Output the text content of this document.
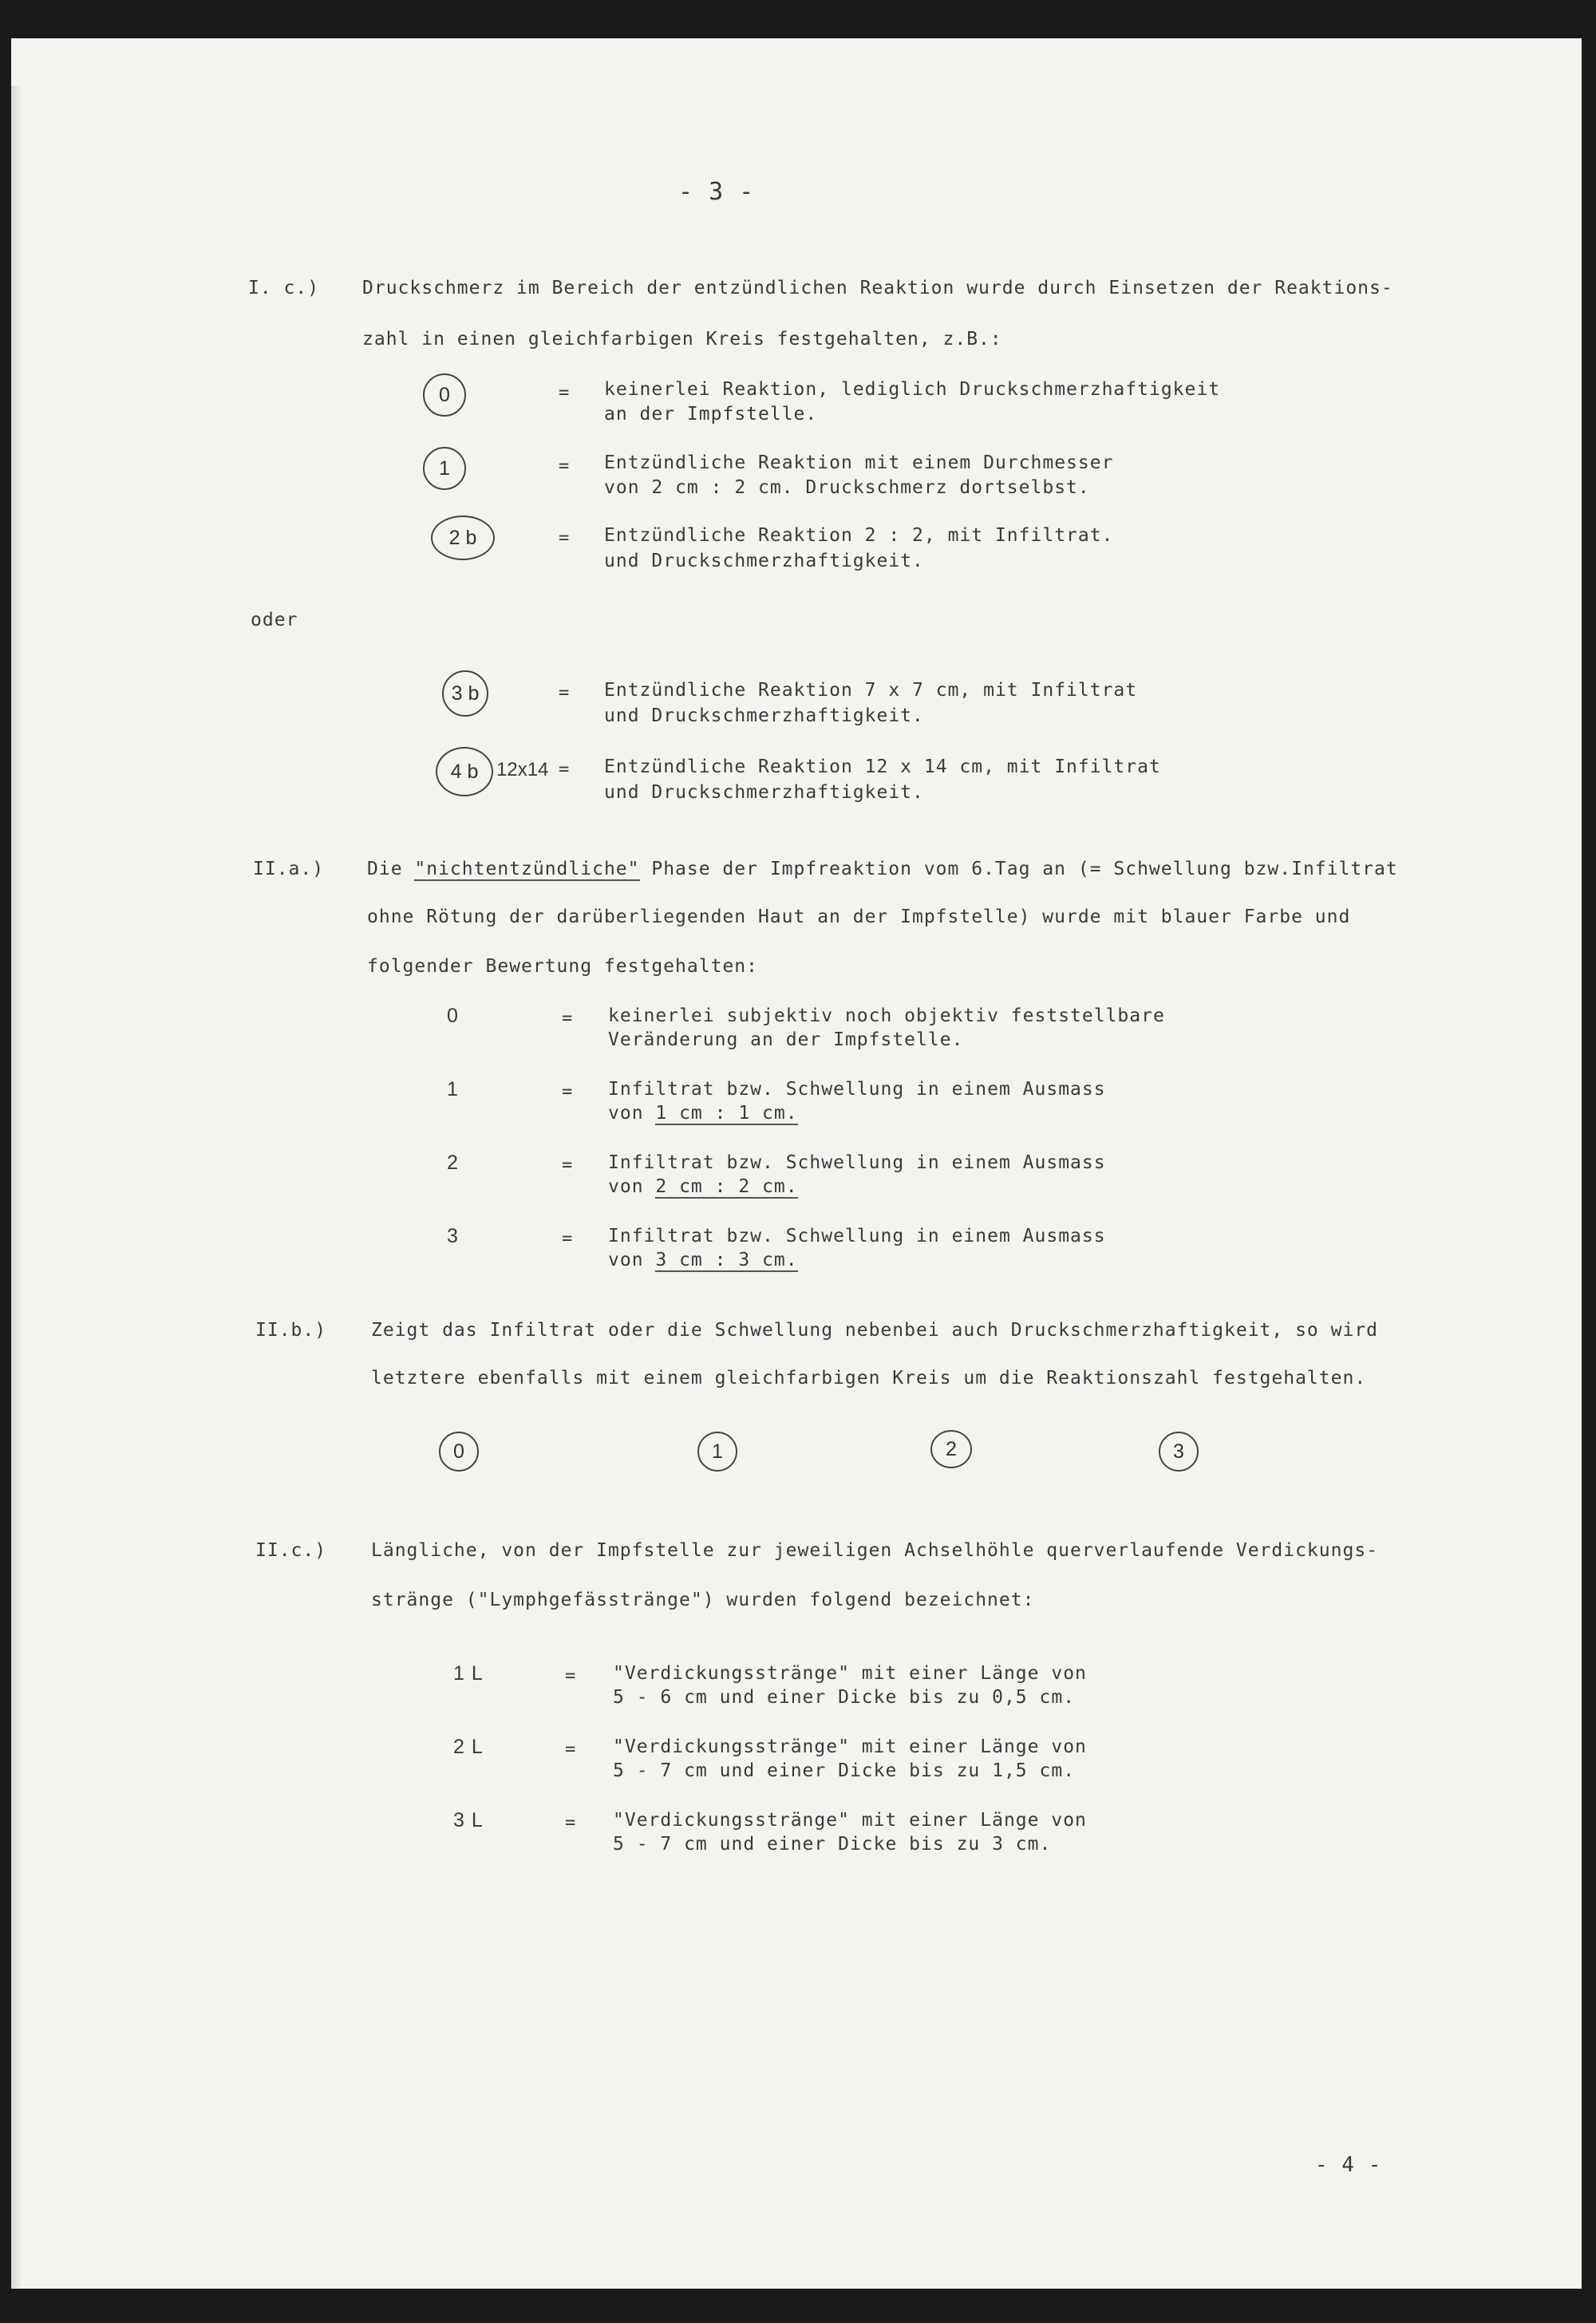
- 3 -
I. c.) Druckschmerz im Bereich der entzündlichen Reaktion wurde durch Einsetzen der Reaktions-
zahl in einen gleichfarbigen Kreis festgehalten, z.B.:
0	= keinerlei Reaktion, lediglich Druckschmerzhaftigkeit
an der Impfstelle.
1	= Entzündliche Reaktion mit einem Durchmesser
von 2 cm : 2 cm. Druckschmerz dortselbst.
2 b	= Entzündliche Reaktion 2 : 2, mit Infiltrat.
und Druckschmerzhaftigkeit.
oder
3 b	= Entzündliche Reaktion 7 x 7 cm, mit Infiltrat
und Druckschmerzhaftigkeit.
4 b 12x14 = Entzündliche Reaktion 12 x 14 cm, mit Infiltrat
und Druckschmerzhaftigkeit.
II.a.) Die "nichtentzündliche" Phase der Impfreaktion vom 6.Tag an (= Schwellung bzw.Infiltrat
ohne Rötung der darüberliegenden Haut an der Impfstelle) wurde mit blauer Farbe und
folgender Bewertung festgehalten:
0	= keinerlei subjektiv noch objektiv feststellbare
Veränderung an der Impfstelle.
1	= Infiltrat bzw. Schwellung in einem Ausmass
von 1 cm : 1 cm.
2	= Infiltrat bzw. Schwellung in einem Ausmass
von 2 cm : 2 cm.
3	= Infiltrat bzw. Schwellung in einem Ausmass
von 3 cm : 3 cm.
II.b.) Zeigt das Infiltrat oder die Schwellung nebenbei auch Druckschmerzhaftigkeit, so wird
letztere ebenfalls mit einem gleichfarbigen Kreis um die Reaktionszahl festgehalten.
0	1	2	3
II.c.) Längliche, von der Impfstelle zur jeweiligen Achselhöhle querverlaufende Verdickungs-
stränge ("Lymphgefässtränge") wurden folgend bezeichnet:
1 L	= "Verdickungsstränge" mit einer Länge von
5 - 6 cm und einer Dicke bis zu 0,5 cm.
2 L	= "Verdickungsstränge" mit einer Länge von
5 - 7 cm und einer Dicke bis zu 1,5 cm.
3 L	= "Verdickungsstränge" mit einer Länge von
5 - 7 cm und einer Dicke bis zu 3 cm.
- 4 -
